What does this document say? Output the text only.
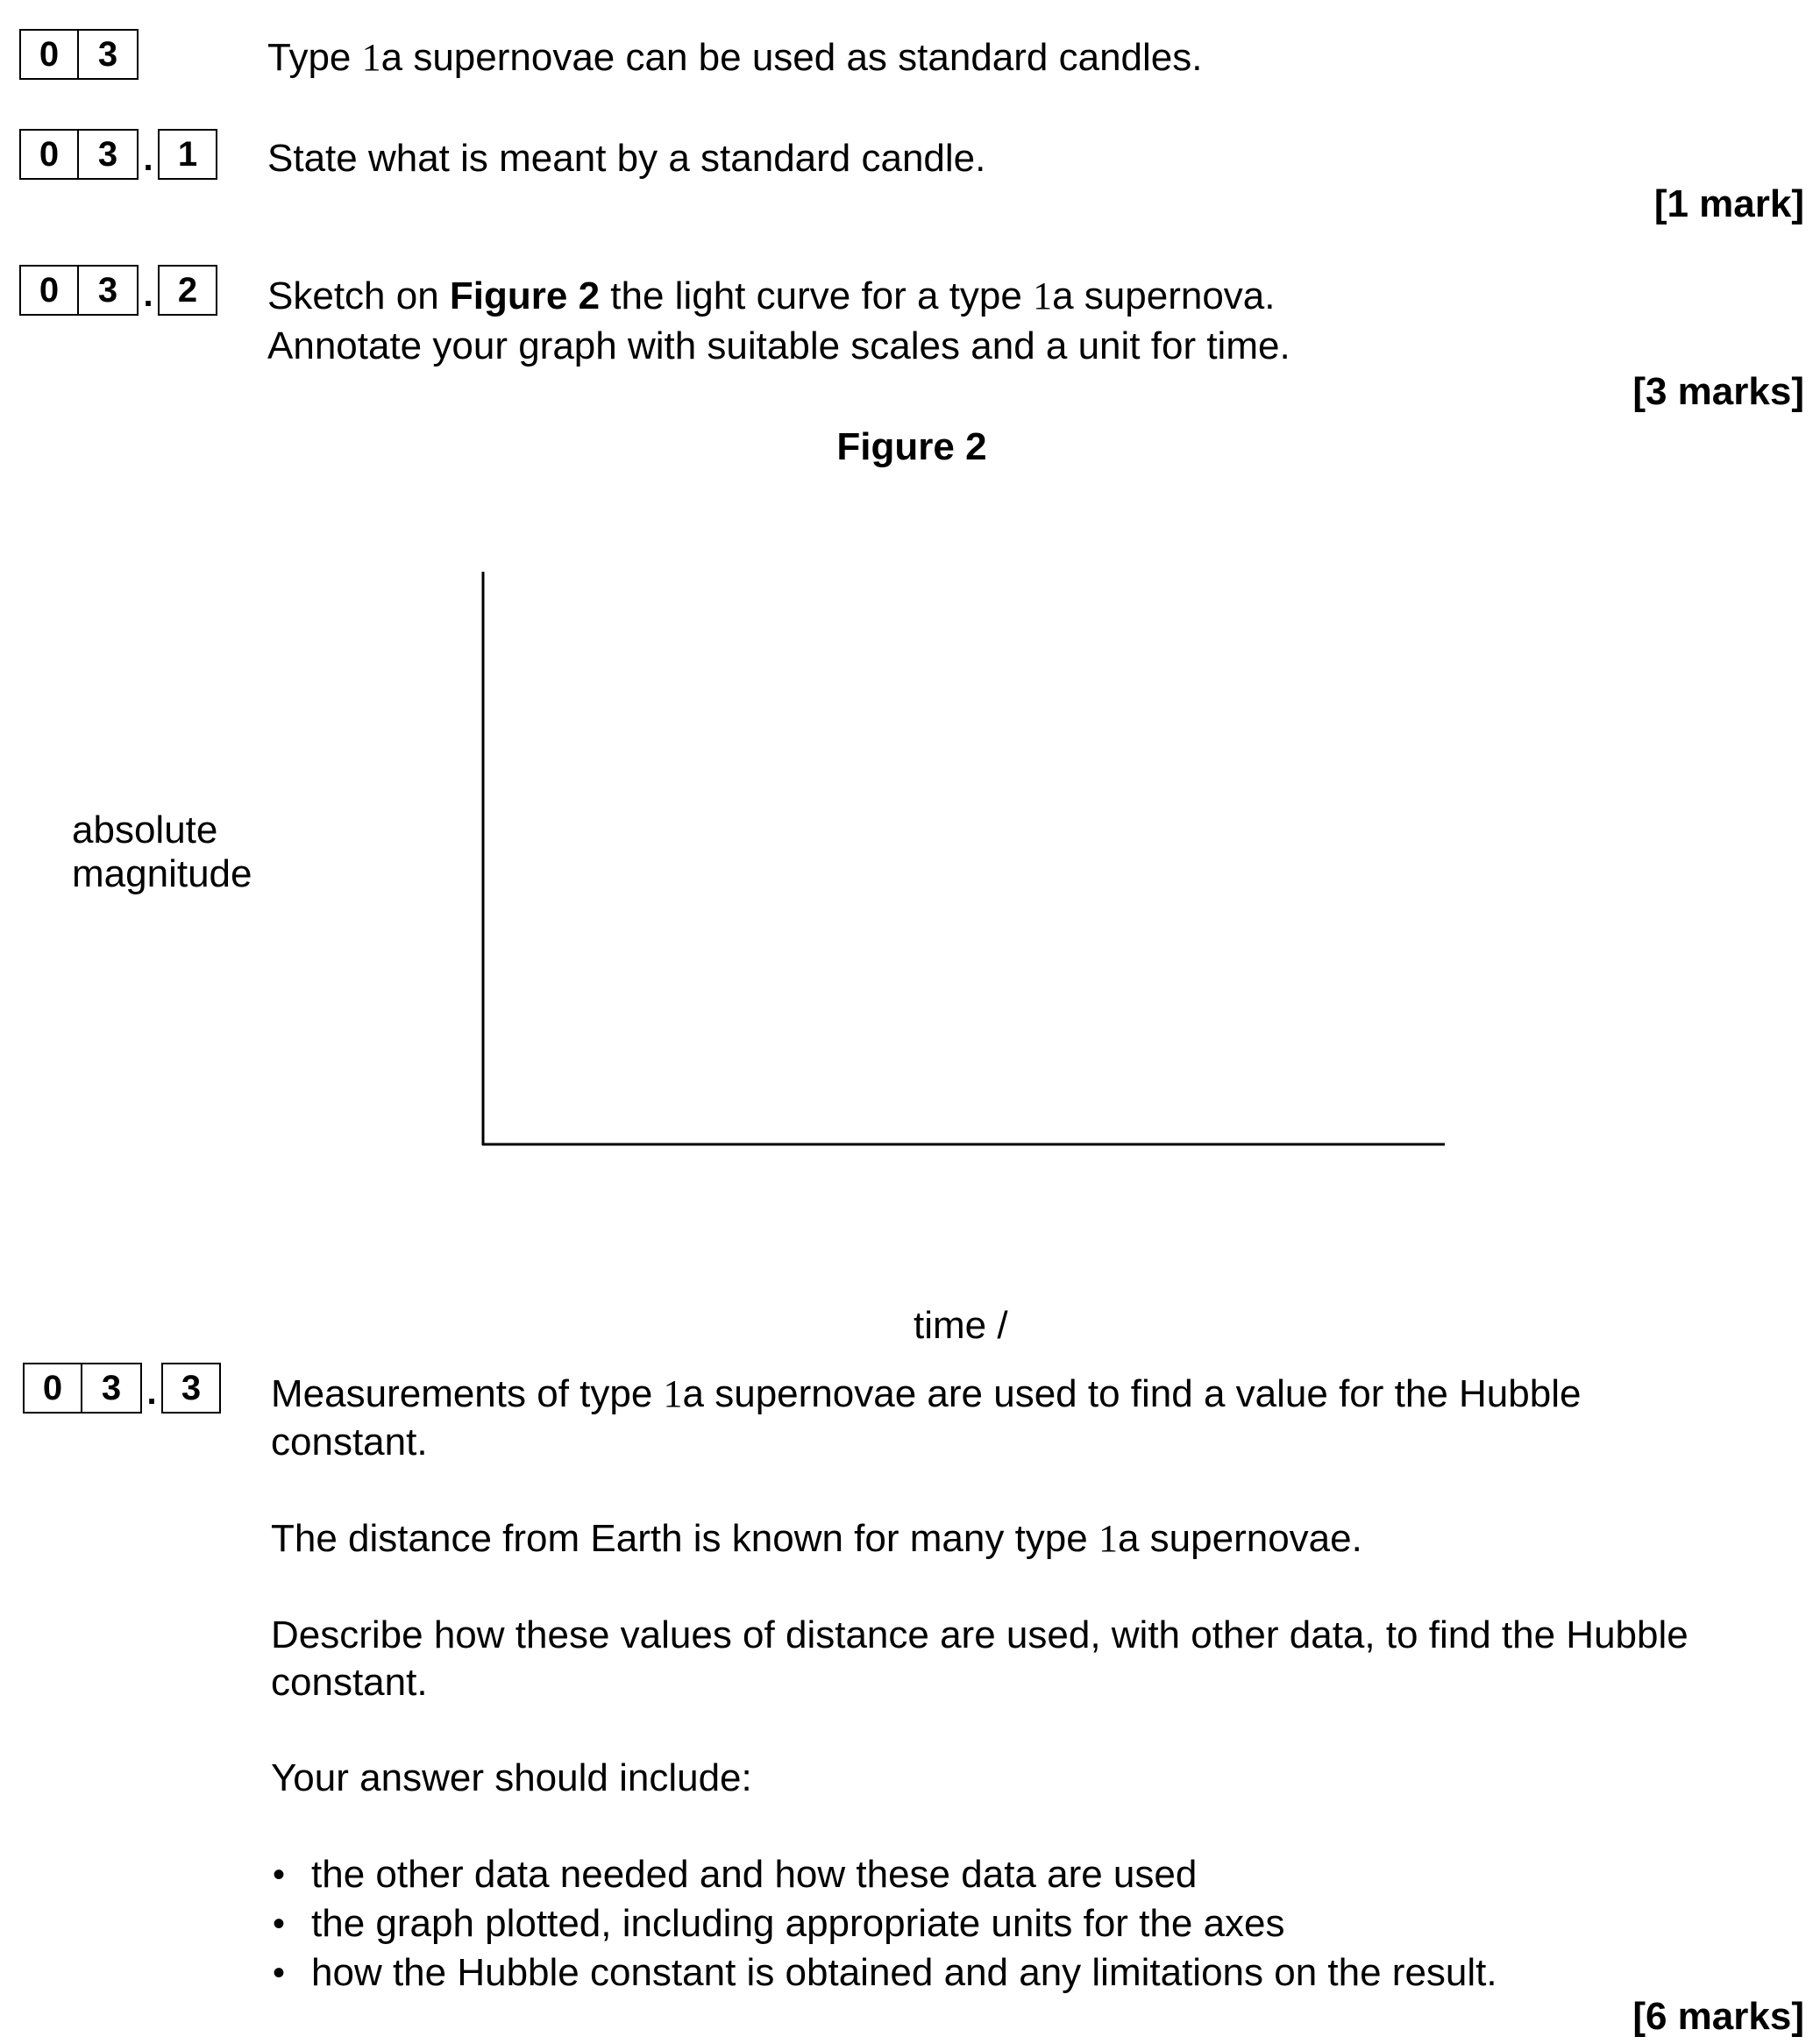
0	3	Type 1a supernovae can be used as standard candles.
0	3 . 1	State what is meant by a standard candle.
[1 mark]
0	3 . 2	Sketch on Figure 2 the light curve for a type 1a supernova.
Annotate your graph with suitable scales and a unit for time.
[3 marks]
Figure 2
absolute
magnitude
time /
0	3 . 3	Measurements of type 1a supernovae are used to find a value for the Hubble
constant.
The distance from Earth is known for many type 1a supernovae.
Describe how these values of distance are used, with other data, to find the Hubble
constant.
Your answer should include:
• the other data needed and how these data are used
• the graph plotted, including appropriate units for the axes
• how the Hubble constant is obtained and any limitations on the result.
[6 marks]
